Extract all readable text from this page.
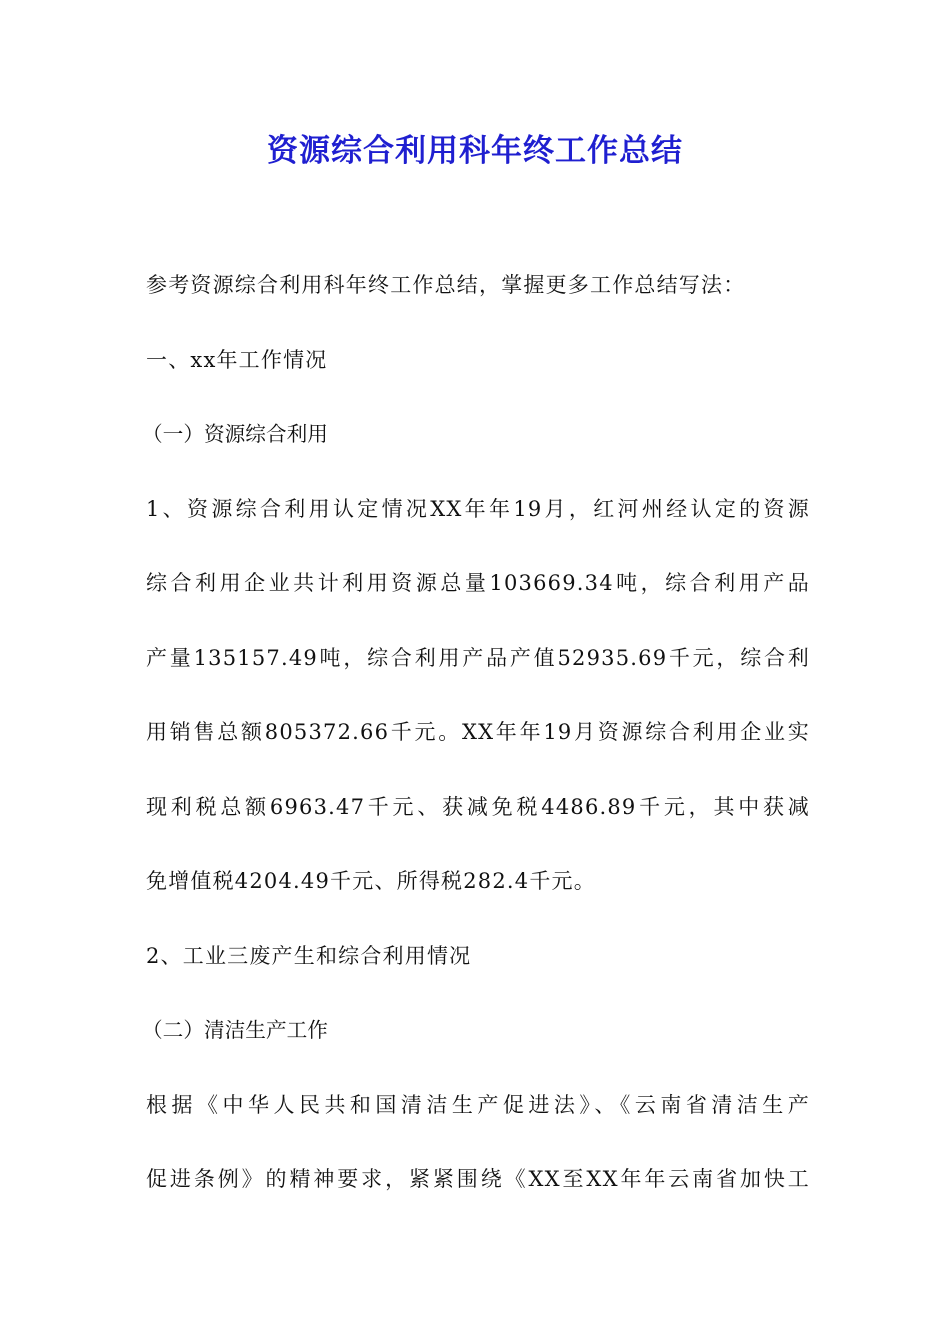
资源综合利用科年终工作总结

参考资源综合利用科年终工作总结，掌握更多工作总结写法：

一、xx年工作情况

（一）资源综合利用

1、资源综合利用认定情况XX年年19月，红河州经认定的资源
综合利用企业共计利用资源总量103669.34吨，综合利用产品
产量135157.49吨，综合利用产品产值52935.69千元，综合利
用销售总额805372.66千元。XX年年19月资源综合利用企业实
现利税总额6963.47千元、获减免税4486.89千元，其中获减
免增值税4204.49千元、所得税282.4千元。

2、工业三废产生和综合利用情况

（二）清洁生产工作

根据《中华人民共和国清洁生产促进法》、《云南省清洁生产
促进条例》的精神要求，紧紧围绕《XX至XX年年云南省加快工
